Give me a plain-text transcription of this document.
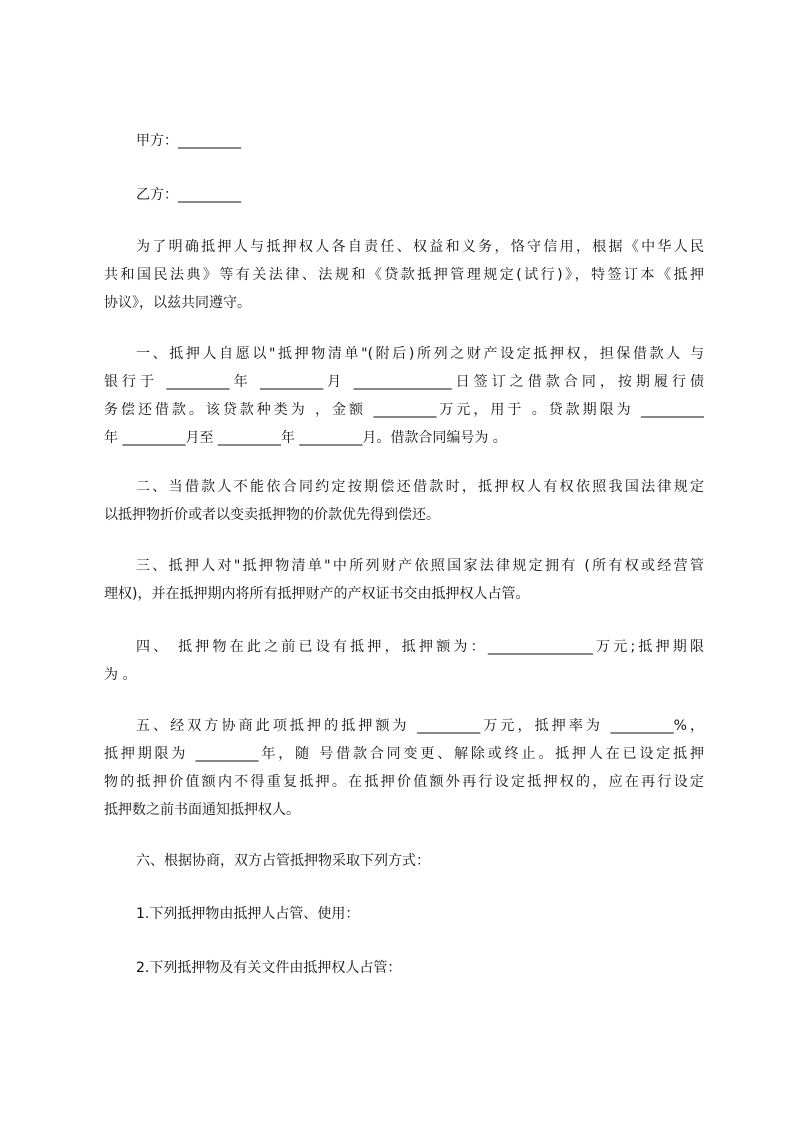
甲方：_________

乙方：_________

为了明确抵押人与抵押权人各自责任、权益和义务，恪守信用，根据《中华人民
共和国民法典》等有关法律、法规和《贷款抵押管理规定(试行)》，特签订本《抵押
协议》，以兹共同遵守。
一、抵押人自愿以"抵押物清单"(附后)所列之财产设定抵押权，担保借款人 与
银行于 _________年 _________月 ______________日签订之借款合同，按期履行债
务偿还借款。该贷款种类为 ，金额 _________万元，用于 。贷款期限为 _________
年 _________月至 _________年 _________月。借款合同编号为 。
二、当借款人不能依合同约定按期偿还借款时，抵押权人有权依照我国法律规定
以抵押物折价或者以变卖抵押物的价款优先得到偿还。
三、抵押人对"抵押物清单"中所列财产依照国家法律规定拥有 (所有权或经营管
理权)，并在抵押期内将所有抵押财产的产权证书交由抵押权人占管。
四、 抵押物在此之前已设有抵押，抵押额为：_______________万元;抵押期限
为 。
五、经双方协商此项抵押的抵押额为 _________万元，抵押率为 _________%，
抵押期限为 _________年，随 号借款合同变更、解除或终止。抵押人在已设定抵押
物的抵押价值额内不得重复抵押。在抵押价值额外再行设定抵押权的，应在再行设定
抵押数之前书面通知抵押权人。

六、根据协商，双方占管抵押物采取下列方式：

1.下列抵押物由抵押人占管、使用：

2.下列抵押物及有关文件由抵押权人占管：
